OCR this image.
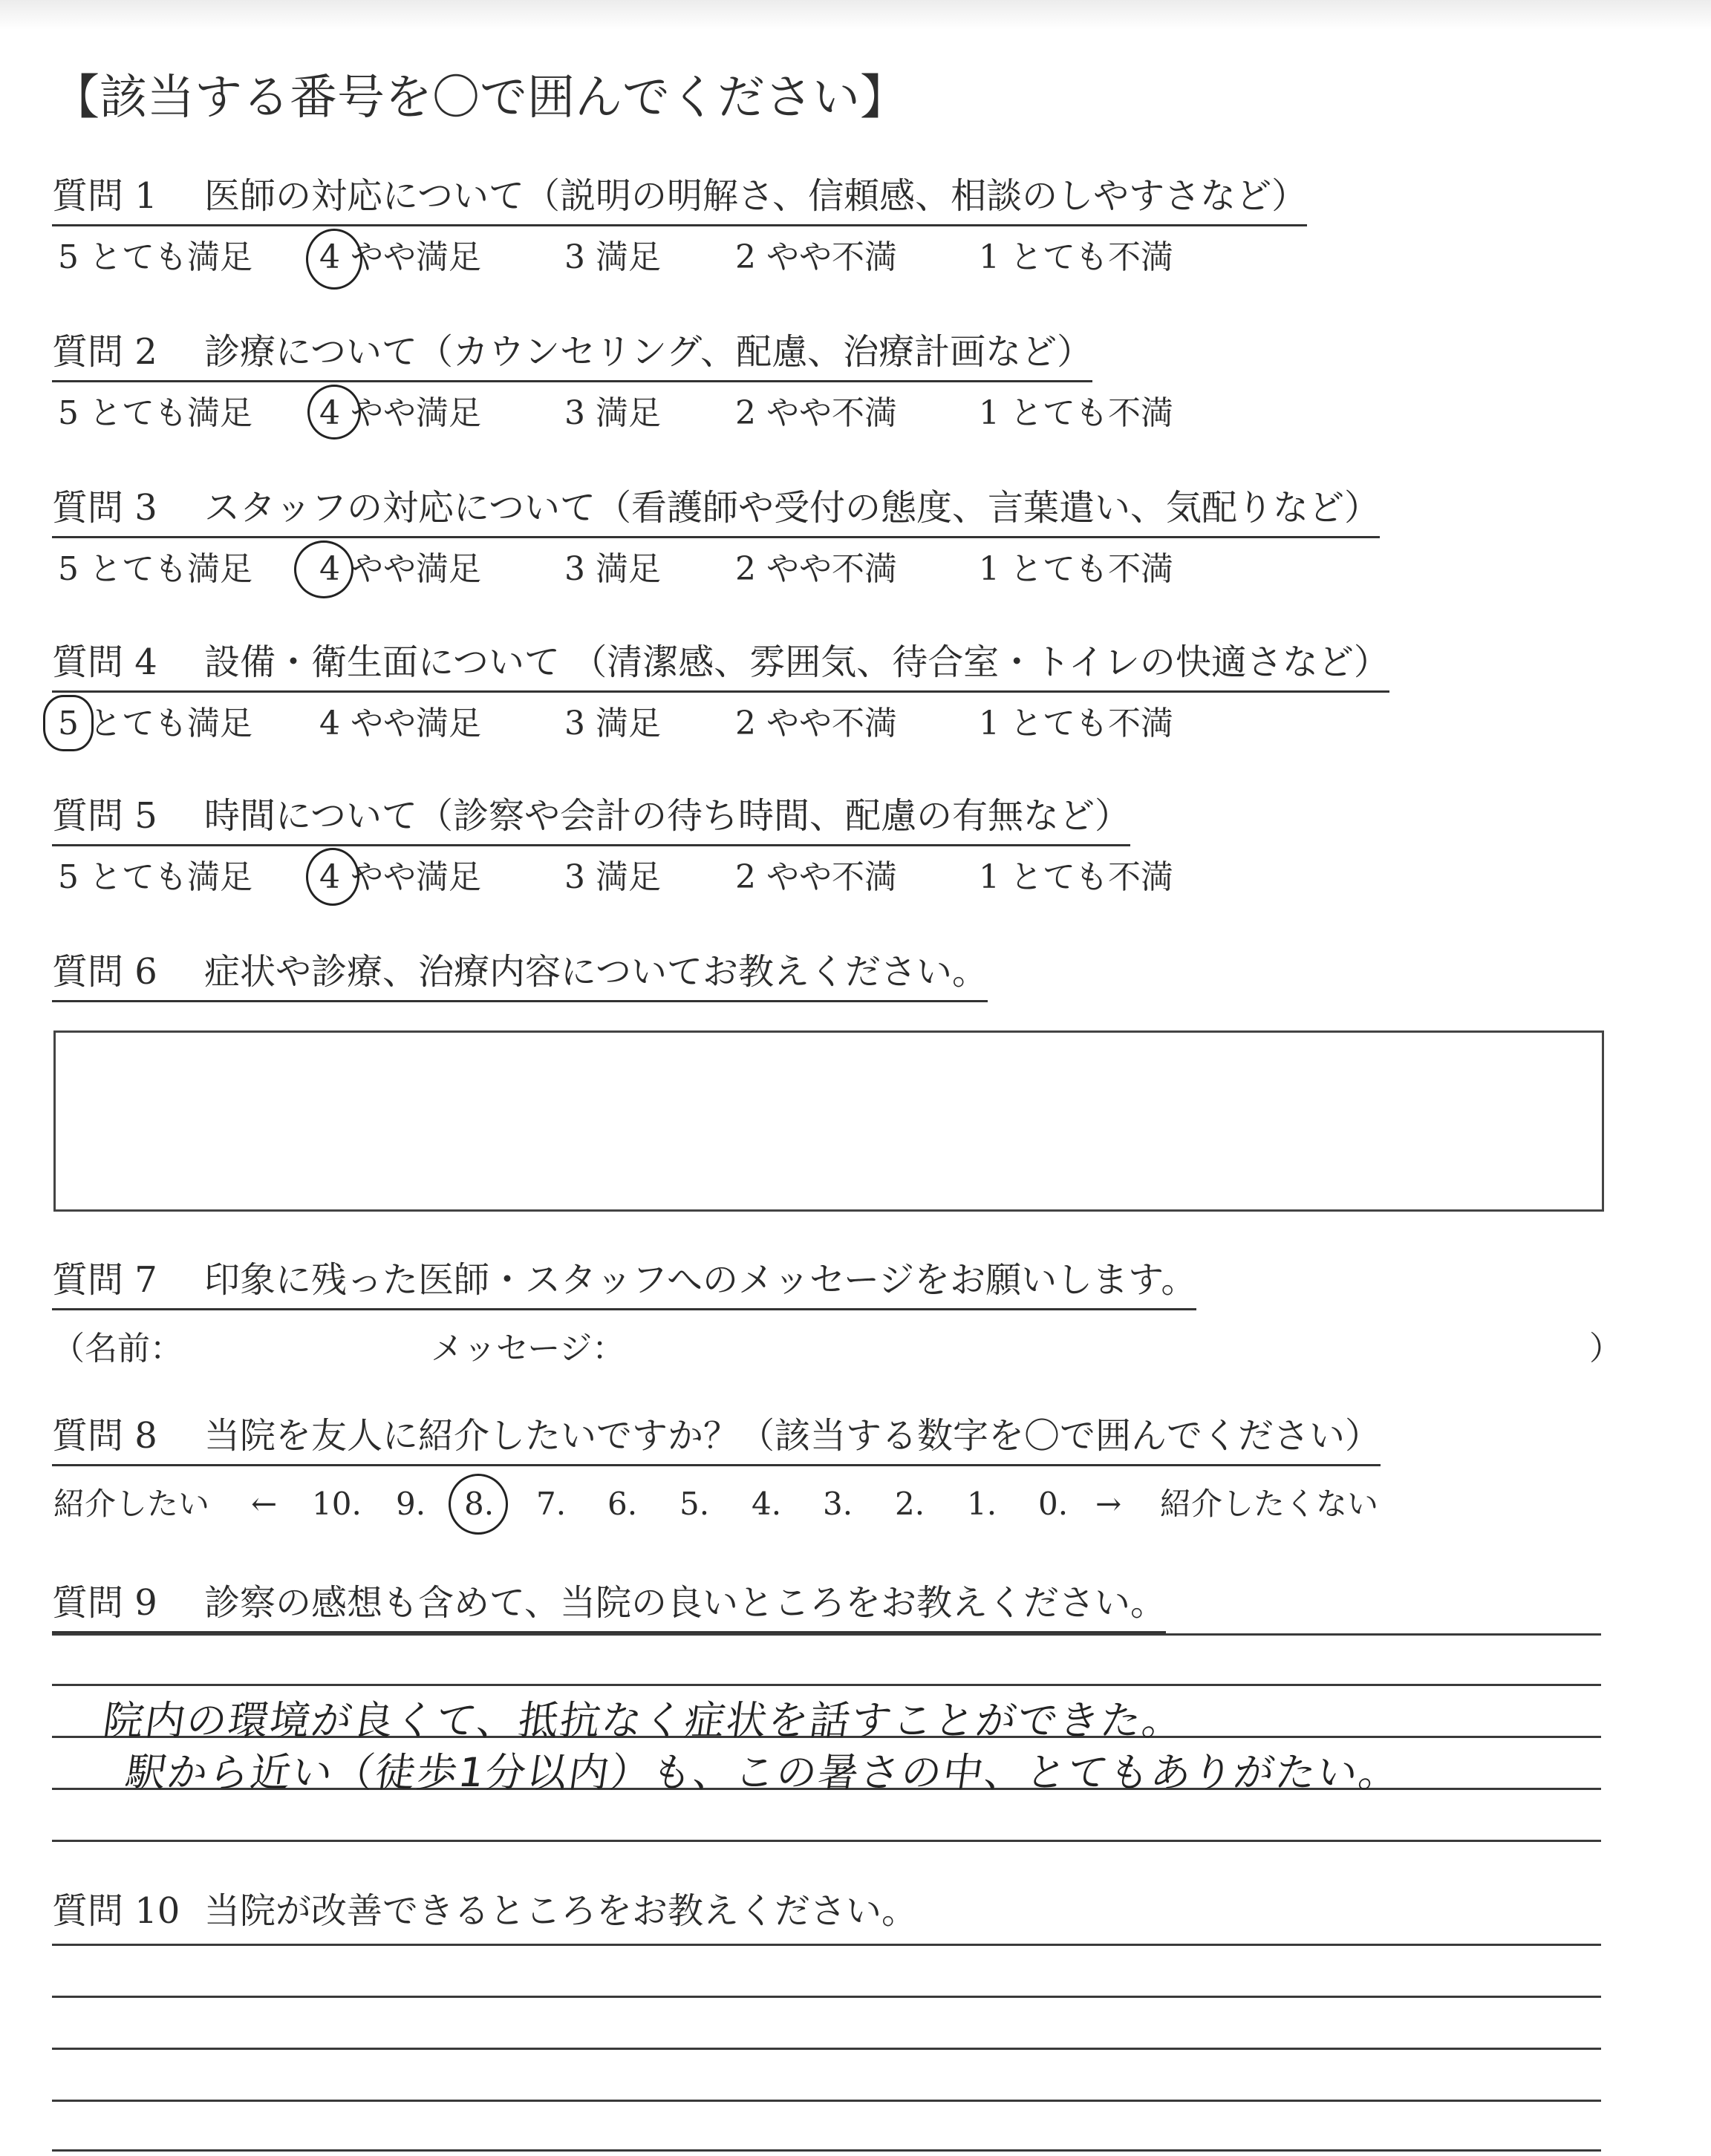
【該当する番号を〇で囲んでください】
質問 1 医師の対応について（説明の明解さ、信頼感、相談のしやすさなど）
5 とても満足 4 やや満足	3 満足 2 やや不満	1 とても不満
質問 2 診療について（カウンセリング、配慮、治療計画など）
5 とても満足 4 やや満足	3 満足 2 やや不満	1 とても不満
質問 3 スタッフの対応について（看護師や受付の態度、言葉遣い、気配りなど）
5 とても満足 4 やや満足	3 満足 2 やや不満	1 とても不満
質問 4 設備・衛生面について （清潔感、雰囲気、待合室・トイレの快適さなど）
5 とても満足 4 やや満足	3 満足 2 やや不満	1 とても不満
質問 5 時間について（診察や会計の待ち時間、配慮の有無など）
5 とても満足 4 やや満足	3 満足 2 やや不満	1 とても不満
質問 6 症状や診療、治療内容についてお教えください。
質問 7 印象に残った医師・スタッフへのメッセージをお願いします。
（名前：	メッセージ：	）
質問 8 当院を友人に紹介したいですか？（該当する数字を〇で囲んでください）
紹介したい ← 10. 9. 8. 7. 6. 5. 4. 3. 2. 1. 0. → 紹介したくない
質問 9 診察の感想も含めて、当院の良いところをお教えください。
院内の環境が良くて、抵抗なく症状を話すことができた。
駅から近い（徒歩1分以内）も、この暑さの中、とてもありがたい。
質問 10 当院が改善できるところをお教えください。
